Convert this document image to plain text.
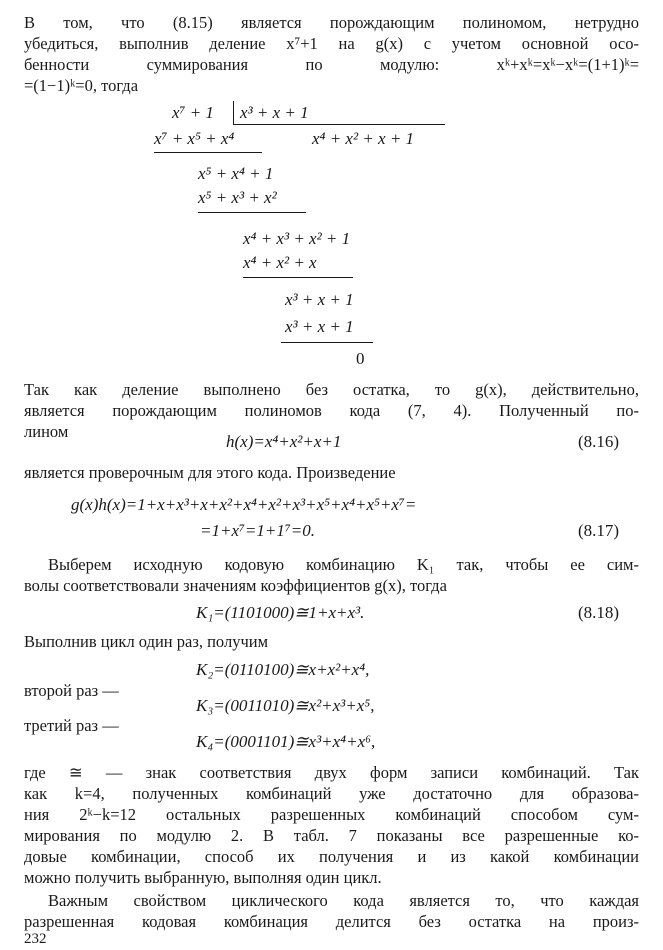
В том, что (8.15) является порождающим полиномом, нетрудно
убедиться, выполнив деление x⁷+1 на g(x) с учетом основной осо-
бенности суммирования по модулю: xᵏ+xᵏ=xᵏ−xᵏ=(1+1)ᵏ=
=(1−1)ᵏ=0, тогда
x⁷ + 1 x³ + x + 1
x⁷ + x⁵ + x⁴	x⁴ + x² + x + 1
x⁵ + x⁴ + 1
x⁵ + x³ + x²
x⁴ + x³ + x² + 1
x⁴ + x² + x
x³ + x + 1
x³ + x + 1
0
Так как деление выполнено без остатка, то g(x), действительно,
является порождающим полиномов кода (7, 4). Полученный по-
лином
h(x)=x⁴+x²+x+1	(8.16)
является проверочным для этого кода. Произведение
g(x)h(x)=1+x+x³+x+x²+x⁴+x²+x³+x⁵+x⁴+x⁵+x⁷=
=1+x⁷=1+1⁷=0.	(8.17)
Выберем исходную кодовую комбинацию K₁ так, чтобы ее сим-
волы соответствовали значениям коэффициентов g(x), тогда
K₁=(1101000)≅1+x+x³.	(8.18)
Выполнив цикл один раз, получим
K₂=(0110100)≅x+x²+x⁴,
второй раз —
K₃=(0011010)≅x²+x³+x⁵,
третий раз —
K₄=(0001101)≅x³+x⁴+x⁶,
где ≅ — знак соответствия двух форм записи комбинаций. Так
как k=4, полученных комбинаций уже достаточно для образова-
ния 2ᵏ−k=12 остальных разрешенных комбинаций способом сум-
мирования по модулю 2. В табл. 7 показаны все разрешенные ко-
довые комбинации, способ их получения и из какой комбинации
можно получить выбранную, выполняя один цикл.
Важным свойством циклического кода является то, что каждая
разрешенная кодовая комбинация делится без остатка на произ-
232
